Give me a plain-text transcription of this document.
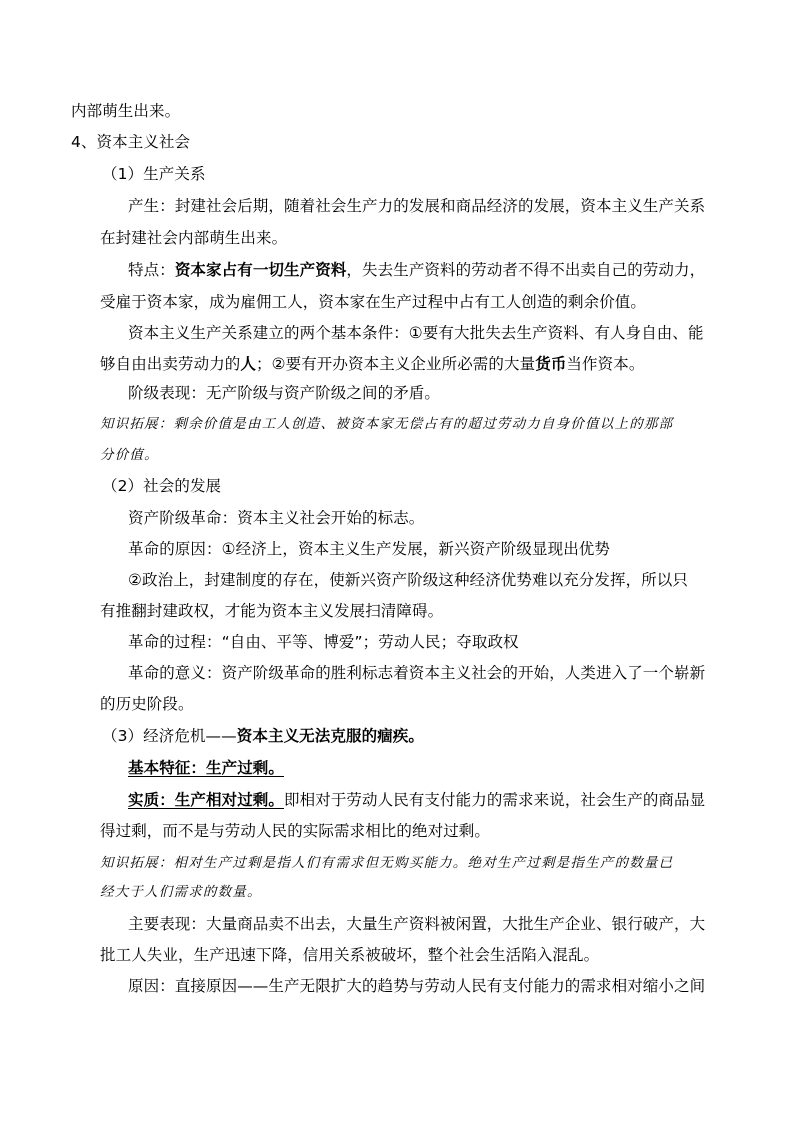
内部萌生出来。
4、资本主义社会
（1）生产关系
产生：封建社会后期，随着社会生产力的发展和商品经济的发展，资本主义生产关系
在封建社会内部萌生出来。
特点：资本家占有一切生产资料，失去生产资料的劳动者不得不出卖自己的劳动力，
受雇于资本家，成为雇佣工人，资本家在生产过程中占有工人创造的剩余价值。
资本主义生产关系建立的两个基本条件：①要有大批失去生产资料、有人身自由、能
够自由出卖劳动力的人；②要有开办资本主义企业所必需的大量货币当作资本。
阶级表现：无产阶级与资产阶级之间的矛盾。
知识拓展：剩余价值是由工人创造、被资本家无偿占有的超过劳动力自身价值以上的那部
分价值。
（2）社会的发展
资产阶级革命：资本主义社会开始的标志。
革命的原因：①经济上，资本主义生产发展，新兴资产阶级显现出优势
②政治上，封建制度的存在，使新兴资产阶级这种经济优势难以充分发挥，所以只
有推翻封建政权，才能为资本主义发展扫清障碍。
革命的过程：“自由、平等、博爱”；劳动人民；夺取政权
革命的意义：资产阶级革命的胜利标志着资本主义社会的开始，人类进入了一个崭新
的历史阶段。
（3）经济危机——资本主义无法克服的痼疾。
基本特征：生产过剩。
实质：生产相对过剩。即相对于劳动人民有支付能力的需求来说，社会生产的商品显
得过剩，而不是与劳动人民的实际需求相比的绝对过剩。
知识拓展：相对生产过剩是指人们有需求但无购买能力。绝对生产过剩是指生产的数量已
经大于人们需求的数量。
主要表现：大量商品卖不出去，大量生产资料被闲置，大批生产企业、银行破产，大
批工人失业，生产迅速下降，信用关系被破坏，整个社会生活陷入混乱。
原因：直接原因——生产无限扩大的趋势与劳动人民有支付能力的需求相对缩小之间
